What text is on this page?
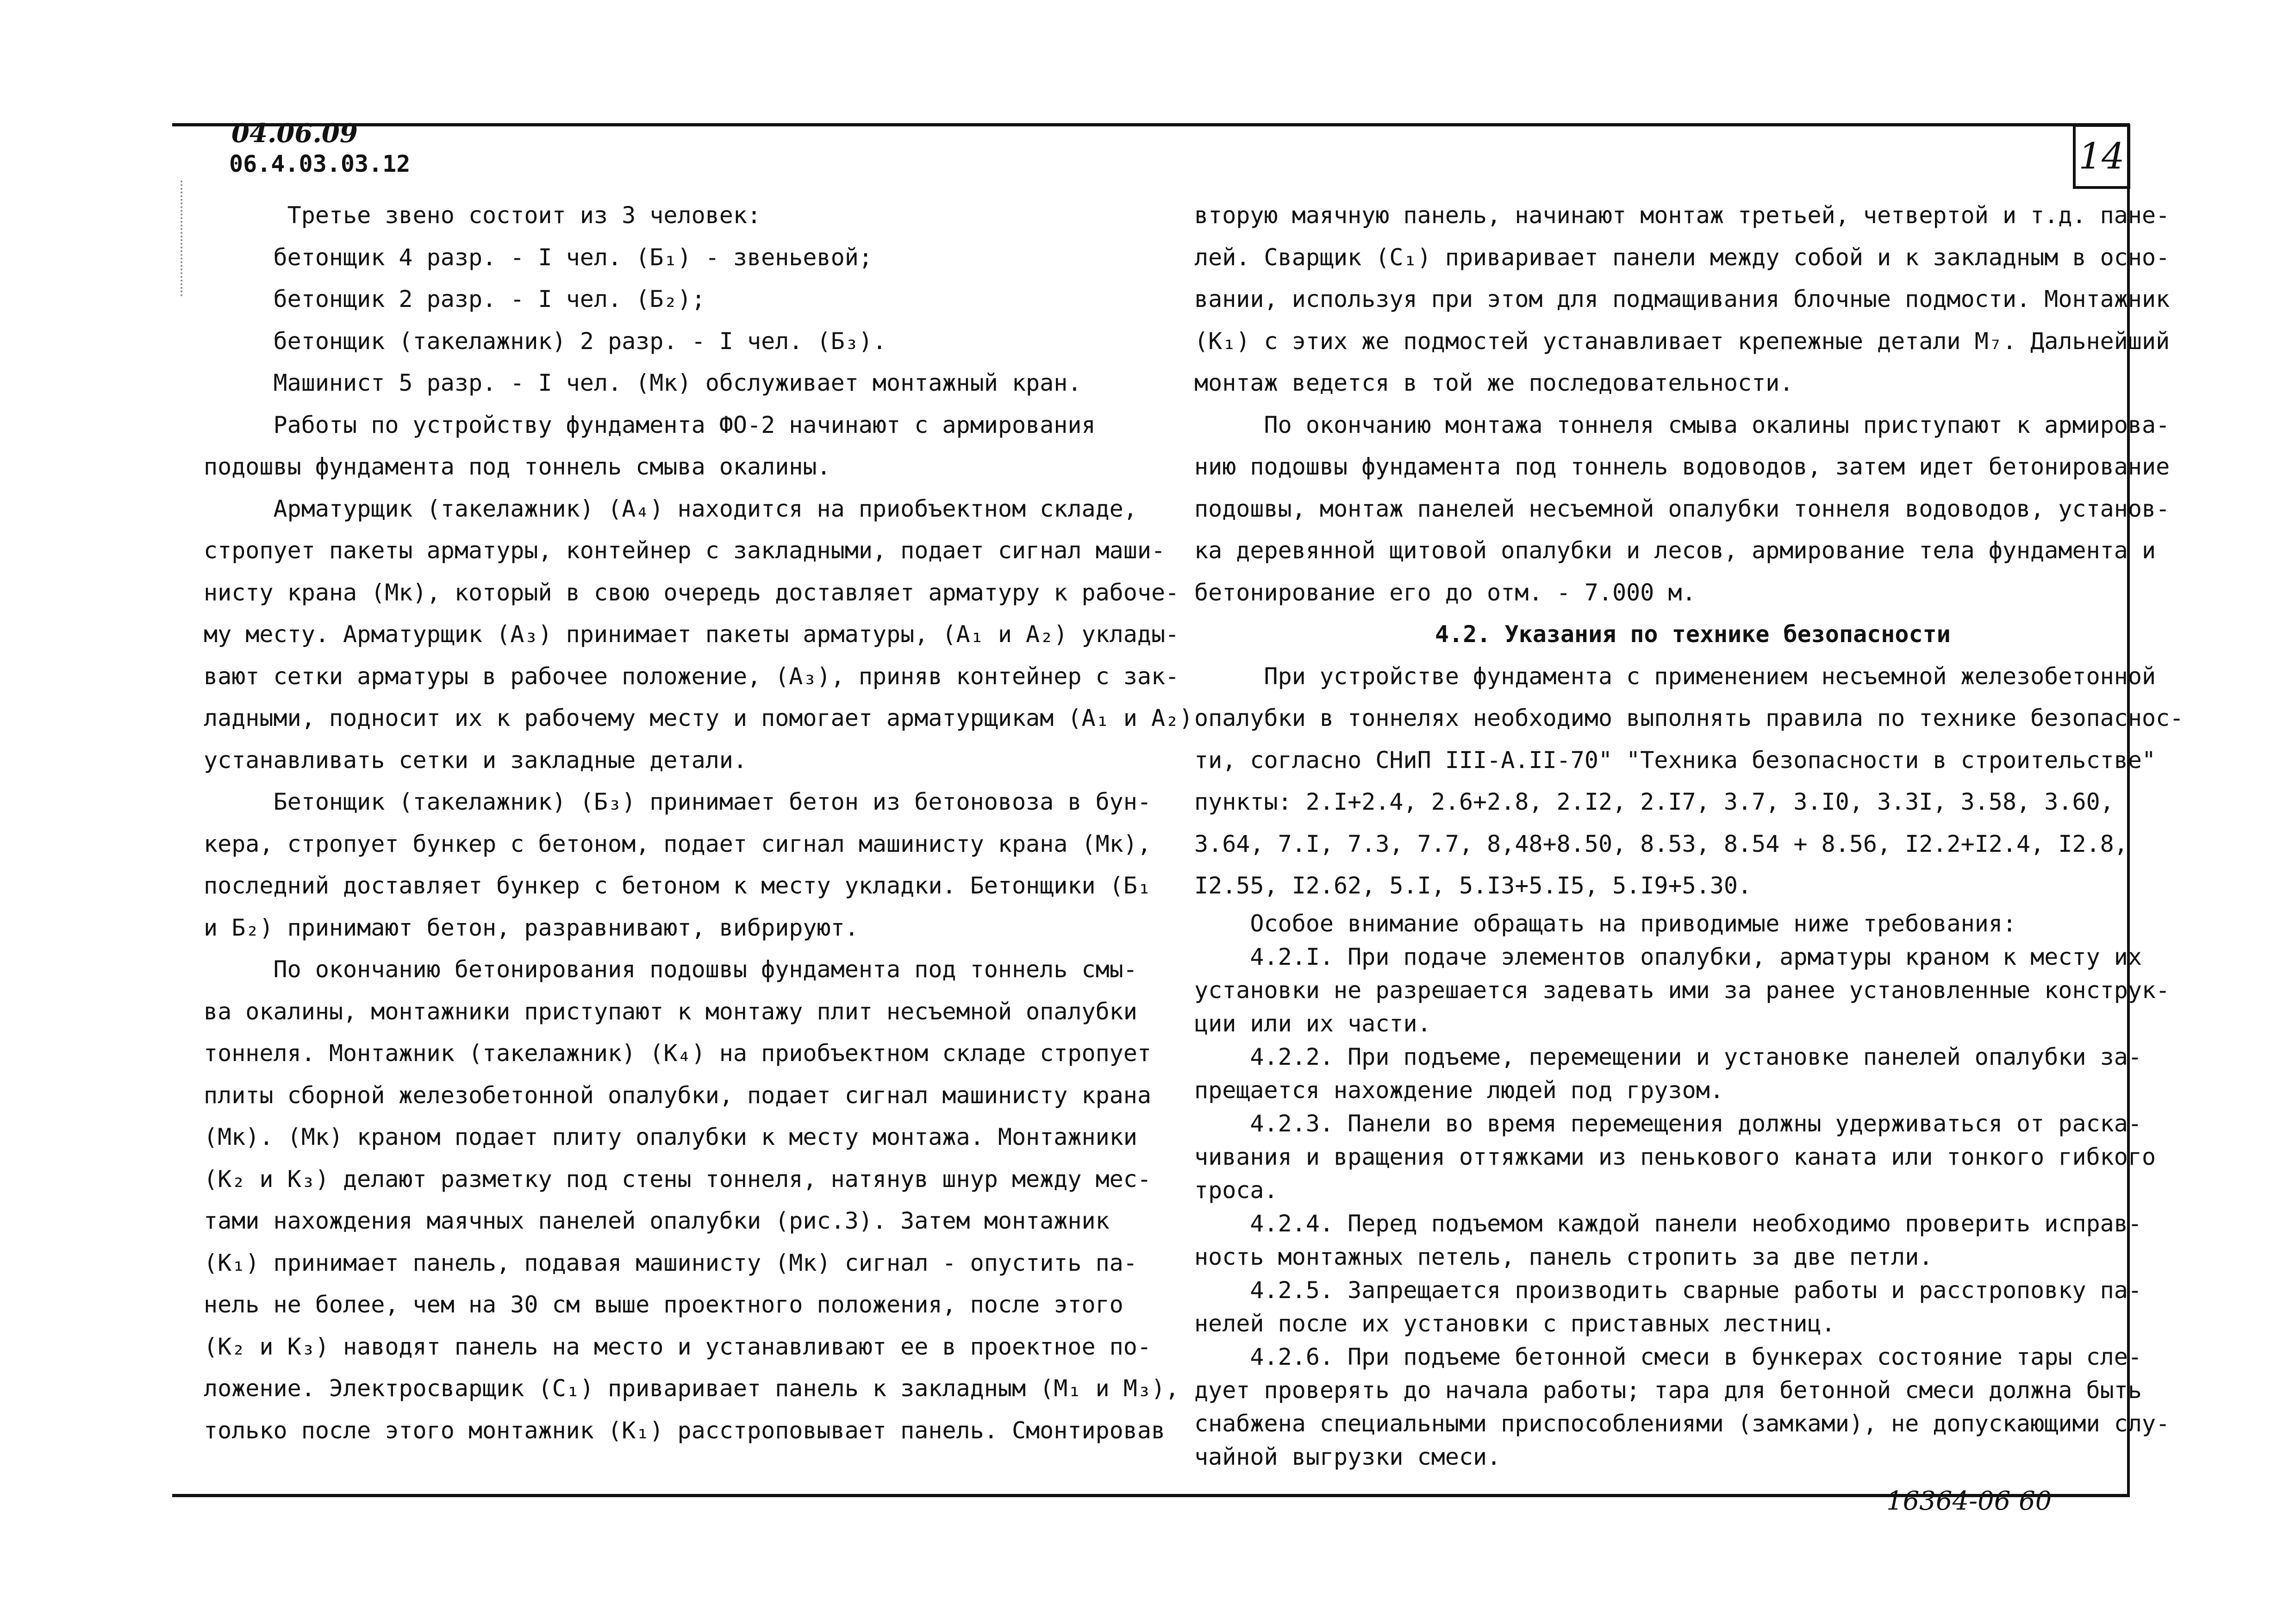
04.06.09
06.4.03.03.12	14
Третье звено состоит из 3 человек:
бетонщик 4 разр. - I чел. (Б₁) - звеньевой;
бетонщик 2 разр. - I чел. (Б₂);
бетонщик (такелажник) 2 разр. - I чел. (Б₃).
Машинист 5 разр. - I чел. (Мк) обслуживает монтажный кран.
Работы по устройству фундамента ФО-2 начинают с армирования
подошвы фундамента под тоннель смыва окалины.
Арматурщик (такелажник) (А₄) находится на приобъектном складе,
стропует пакеты арматуры, контейнер с закладными, подает сигнал маши-
нисту крана (Мк), который в свою очередь доставляет арматуру к рабоче-
му месту. Арматурщик (А₃) принимает пакеты арматуры, (А₁ и А₂) уклады-
вают сетки арматуры в рабочее положение, (А₃), приняв контейнер с зак-
ладными, подносит их к рабочему месту и помогает арматурщикам (А₁ и А₂)
устанавливать сетки и закладные детали.
Бетонщик (такелажник) (Б₃) принимает бетон из бетоновоза в бун-
кера, стропует бункер с бетоном, подает сигнал машинисту крана (Мк),
последний доставляет бункер с бетоном к месту укладки. Бетонщики (Б₁
и Б₂) принимают бетон, разравнивают, вибрируют.
По окончанию бетонирования подошвы фундамента под тоннель смы-
ва окалины, монтажники приступают к монтажу плит несъемной опалубки
тоннеля. Монтажник (такелажник) (К₄) на приобъектном складе стропует
плиты сборной железобетонной опалубки, подает сигнал машинисту крана
(Мк). (Мк) краном подает плиту опалубки к месту монтажа. Монтажники
(К₂ и К₃) делают разметку под стены тоннеля, натянув шнур между мес-
тами нахождения маячных панелей опалубки (рис.3). Затем монтажник
(К₁) принимает панель, подавая машинисту (Мк) сигнал - опустить па-
нель не более, чем на 30 см выше проектного положения, после этого
(К₂ и К₃) наводят панель на место и устанавливают ее в проектное по-
ложение. Электросварщик (С₁) приваривает панель к закладным (М₁ и М₃),
только после этого монтажник (К₁) расстроповывает панель. Смонтировав
вторую маячную панель, начинают монтаж третьей, четвертой и т.д. пане-
лей. Сварщик (С₁) приваривает панели между собой и к закладным в осно-
вании, используя при этом для подмащивания блочные подмости. Монтажник
(К₁) с этих же подмостей устанавливает крепежные детали М₇. Дальнейший
монтаж ведется в той же последовательности.
По окончанию монтажа тоннеля смыва окалины приступают к армирова-
нию подошвы фундамента под тоннель водоводов, затем идет бетонирование
подошвы, монтаж панелей несъемной опалубки тоннеля водоводов, установ-
ка деревянной щитовой опалубки и лесов, армирование тела фундамента и
бетонирование его до отм. - 7.000 м.
4.2. Указания по технике безопасности
При устройстве фундамента с применением несъемной железобетонной
опалубки в тоннелях необходимо выполнять правила по технике безопаснос-
ти, согласно СНиП III-А.II-70" "Техника безопасности в строительстве"
пункты: 2.I+2.4, 2.6+2.8, 2.I2, 2.I7, 3.7, 3.I0, 3.3I, 3.58, 3.60,
3.64, 7.I, 7.3, 7.7, 8,48+8.50, 8.53, 8.54 + 8.56, I2.2+I2.4, I2.8,
I2.55, I2.62, 5.I, 5.I3+5.I5, 5.I9+5.30.
Особое внимание обращать на приводимые ниже требования:
4.2.I. При подаче элементов опалубки, арматуры краном к месту их
установки не разрешается задевать ими за ранее установленные конструк-
ции или их части.
4.2.2. При подъеме, перемещении и установке панелей опалубки за-
прещается нахождение людей под грузом.
4.2.3. Панели во время перемещения должны удерживаться от раска-
чивания и вращения оттяжками из пенькового каната или тонкого гибкого
троса.
4.2.4. Перед подъемом каждой панели необходимо проверить исправ-
ность монтажных петель, панель стропить за две петли.
4.2.5. Запрещается производить сварные работы и расстроповку па-
нелей после их установки с приставных лестниц.
4.2.6. При подъеме бетонной смеси в бункерах состояние тары сле-
дует проверять до начала работы; тара для бетонной смеси должна быть
снабжена специальными приспособлениями (замками), не допускающими слу-
чайной выгрузки смеси.
16364-06 60
